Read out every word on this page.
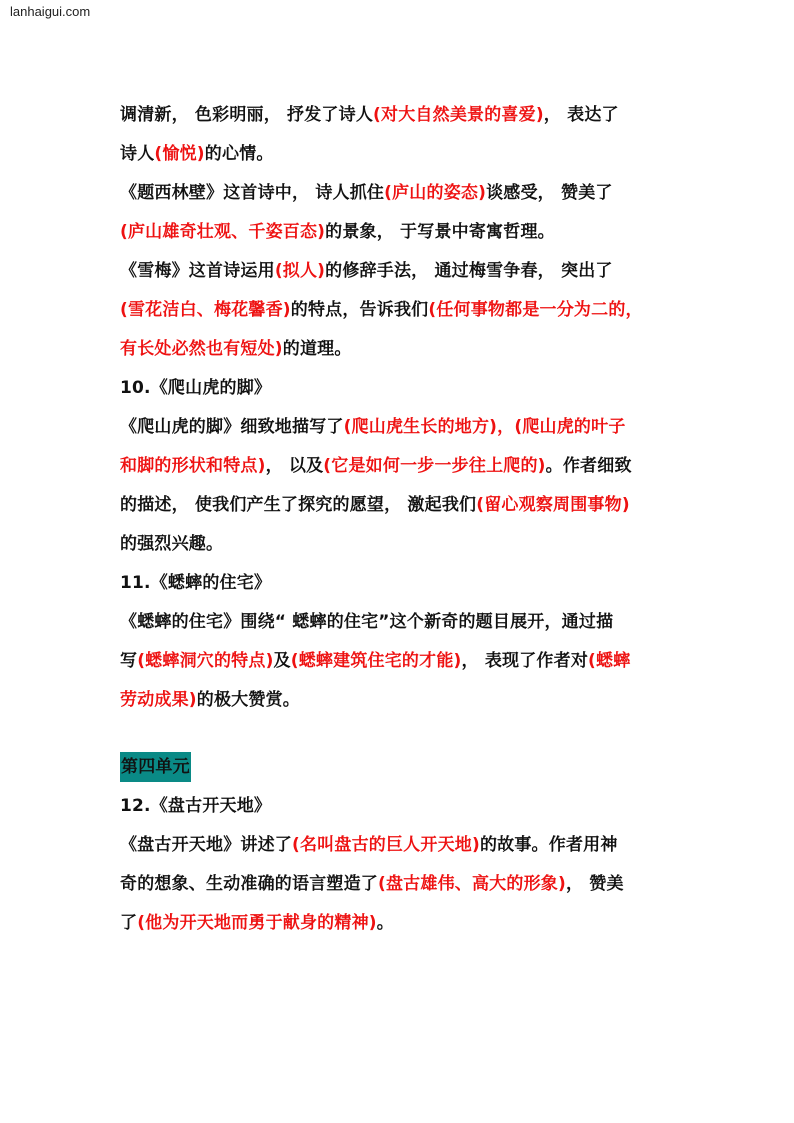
lanhaigui.com
调清新， 色彩明丽， 抒发了诗人(对大自然美景的喜爱)， 表达了
诗人(愉悦)的心情。
《题西林壁》这首诗中， 诗人抓住(庐山的姿态)谈感受， 赞美了
(庐山雄奇壮观、千姿百态)的景象， 于写景中寄寓哲理。
《雪梅》这首诗运用(拟人)的修辞手法， 通过梅雪争春， 突出了
(雪花洁白、梅花馨香)的特点，告诉我们(任何事物都是一分为二的，
有长处必然也有短处)的道理。
10.《爬山虎的脚》
《爬山虎的脚》细致地描写了(爬山虎生长的地方)，(爬山虎的叶子
和脚的形状和特点)， 以及(它是如何一步一步往上爬的)。作者细致
的描述， 使我们产生了探究的愿望， 激起我们(留心观察周围事物)
的强烈兴趣。
11.《蟋蟀的住宅》
《蟋蟀的住宅》围绕“ 蟋蟀的住宅”这个新奇的题目展开，通过描
写(蟋蟀洞穴的特点)及(蟋蟀建筑住宅的才能)， 表现了作者对(蟋蟀
劳动成果)的极大赞赏。
第四单元
12.《盘古开天地》
《盘古开天地》讲述了(名叫盘古的巨人开天地)的故事。作者用神
奇的想象、生动准确的语言塑造了(盘古雄伟、高大的形象)， 赞美
了(他为开天地而勇于献身的精神)。
